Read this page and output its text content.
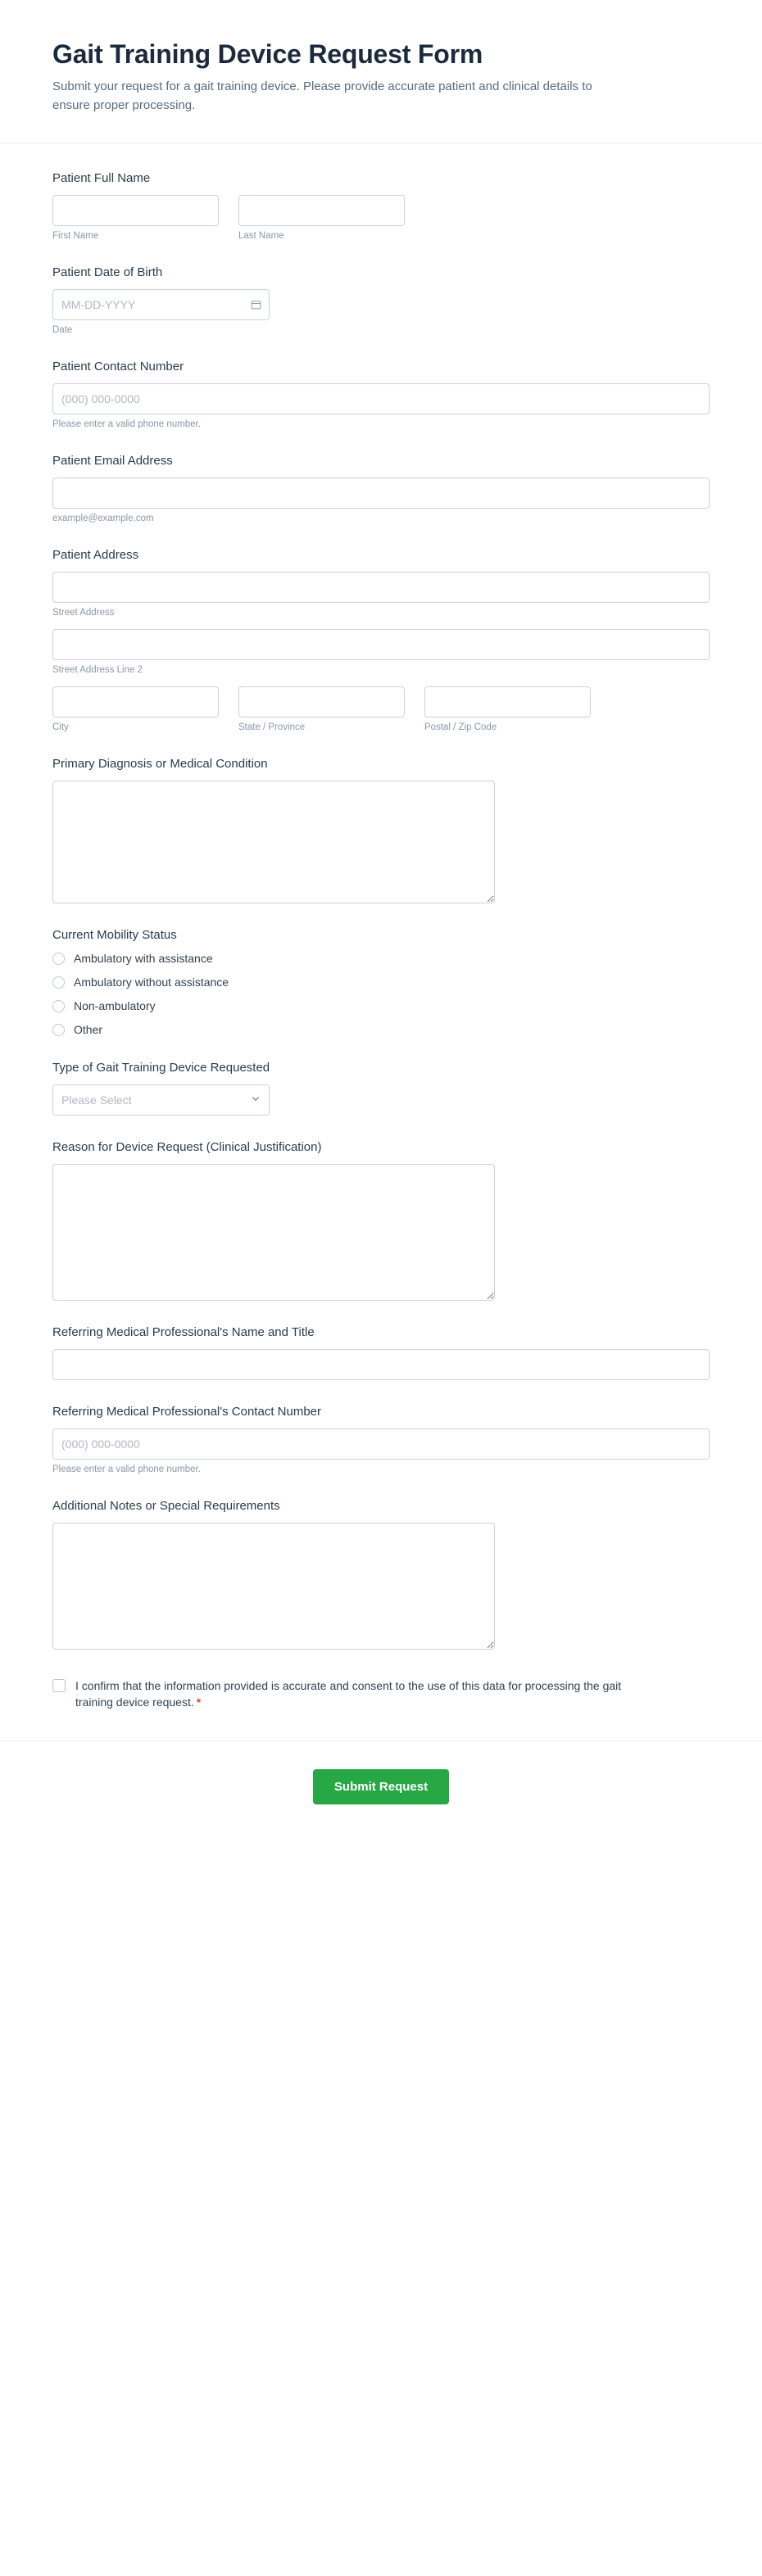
Gait Training Device Request Form

Submit your request for a gait training device. Please provide accurate patient and clinical details to ensure proper processing.

Patient Full Name
First Name	Last Name
Patient Date of Birth
MM-DD-YYYY
Date
Patient Contact Number
(000) 000-0000
Please enter a valid phone number.
Patient Email Address
example@example.com
Patient Address
Street Address
Street Address Line 2
City	State / Province	Postal / Zip Code
Primary Diagnosis or Medical Condition
Current Mobility Status
Ambulatory with assistance
Ambulatory without assistance
Non-ambulatory
Other
Type of Gait Training Device Requested
Please Select
Reason for Device Request (Clinical Justification)
Referring Medical Professional's Name and Title
Referring Medical Professional's Contact Number
(000) 000-0000
Please enter a valid phone number.
Additional Notes or Special Requirements
I confirm that the information provided is accurate and consent to the use of this data for processing the gait training device request. *
Submit Request
